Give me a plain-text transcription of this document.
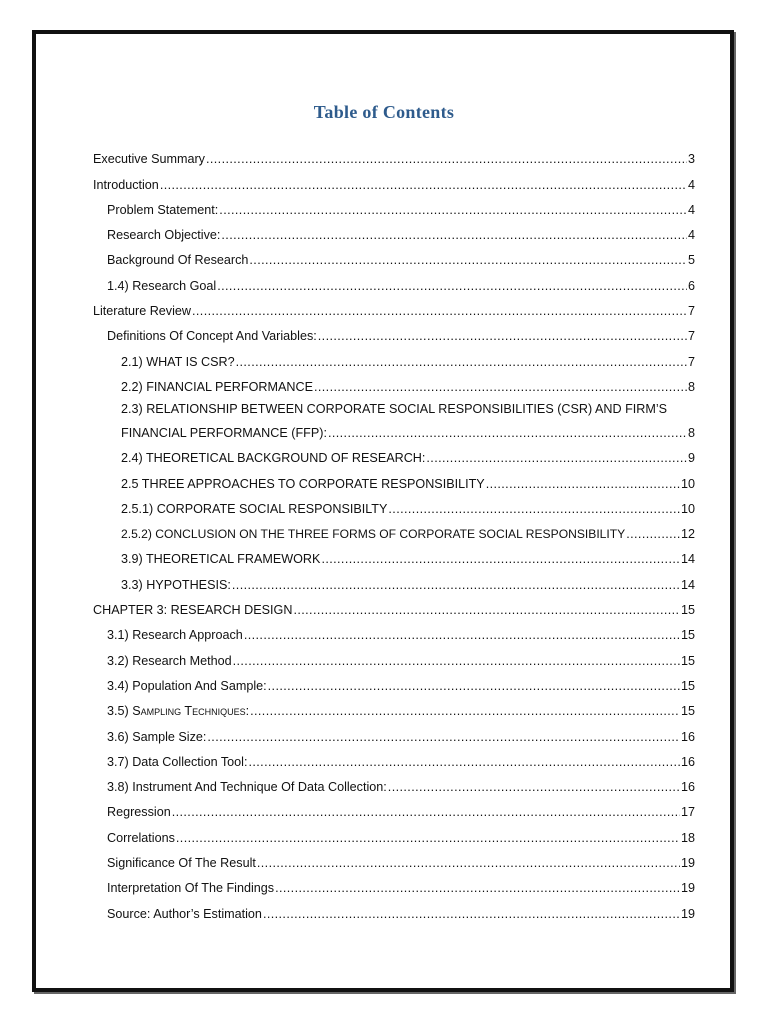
Table of Contents
Executive Summary .....	3
Introduction .....	4
Problem Statement: .....	4
Research Objective: .....	4
Background Of Research .....	5
1.4) Research Goal .....	6
Literature Review .....	7
Definitions Of Concept And Variables: .....	7
2.1) WHAT IS CSR? .....	7
2.2) FINANCIAL PERFORMANCE .....	8
2.3) RELATIONSHIP BETWEEN CORPORATE SOCIAL RESPONSIBILITIES (CSR) AND FIRM’S
FINANCIAL PERFORMANCE (FFP): .....	8
2.4) THEORETICAL BACKGROUND OF RESEARCH: .....	9
2.5 THREE APPROACHES TO CORPORATE RESPONSIBILITY .....	10
2.5.1) CORPORATE SOCIAL RESPONSIBILTY .....	10
2.5.2) CONCLUSION ON THE THREE FORMS OF CORPORATE SOCIAL RESPONSIBILITY .....	12
3.9) THEORETICAL FRAMEWORK .....	14
3.3) HYPOTHESIS: .....	14
CHAPTER 3: RESEARCH DESIGN .....	15
3.1) Research Approach .....	15
3.2) Research Method .....	15
3.4) Population And Sample: .....	15
3.5) Sampling Techniques: .....	15
3.6) Sample Size: .....	16
3.7) Data Collection Tool: .....	16
3.8) Instrument And Technique Of Data Collection: .....	16
Regression .....	17
Correlations .....	18
Significance Of The Result .....	19
Interpretation Of The Findings .....	19
Source: Author’s Estimation .....	19
